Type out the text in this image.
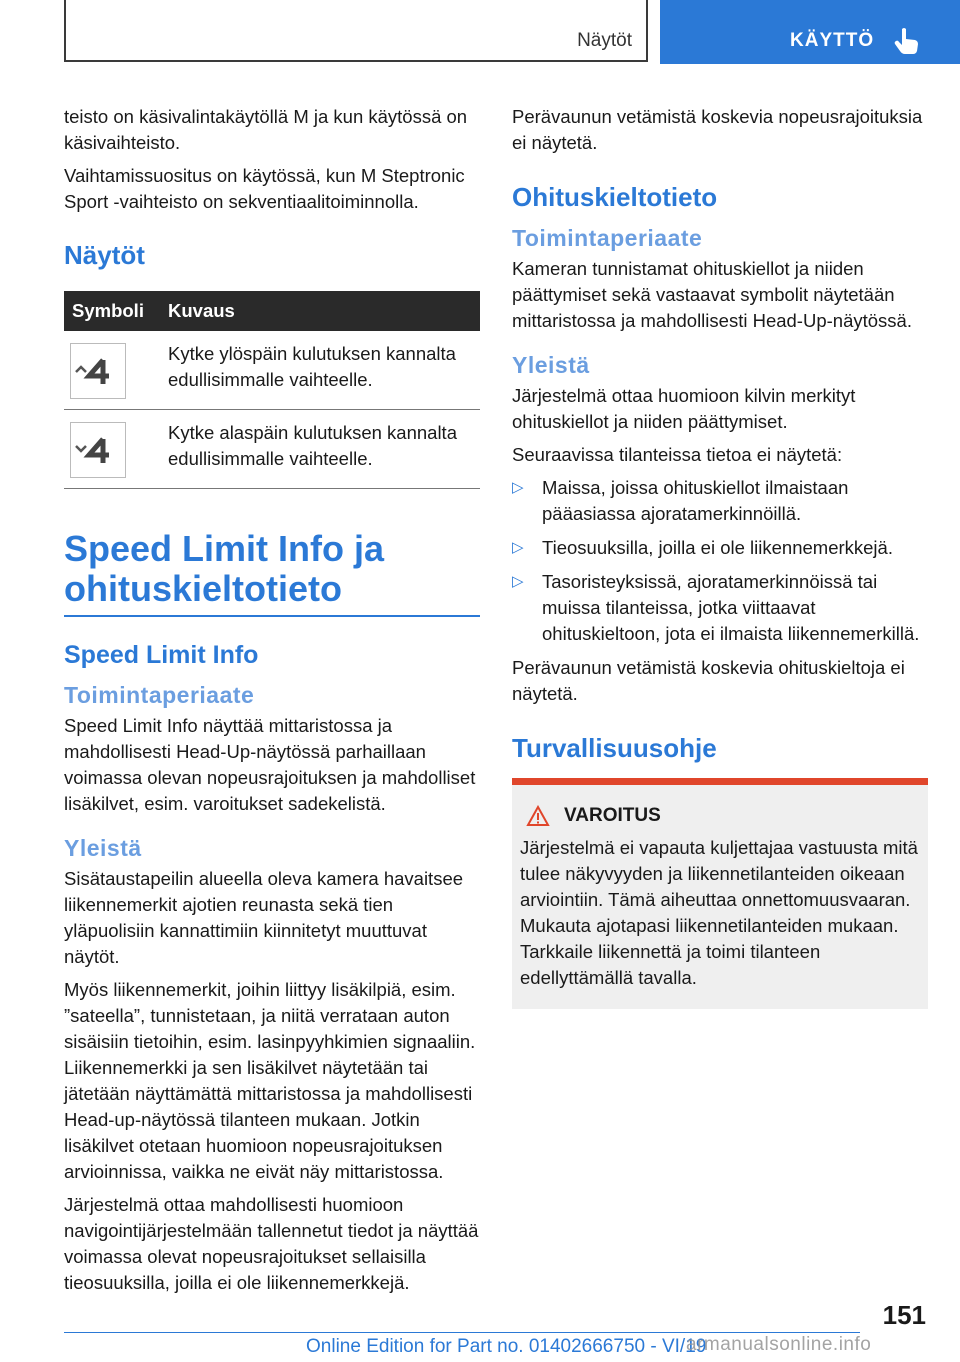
Näytöt	KÄYTTÖ

teisto on käsivalintakäytöllä M ja kun käytössä on käsivaihteisto.

Vaihtamissuositus on käytössä, kun M Steptronic Sport ‑vaihteisto on sekventiaalitoiminnolla.

Näytöt
Symboli	Kuvaus

	Kytke ylöspäin kulutuksen kannalta edullisimmalle vaihteelle.

	Kytke alaspäin kulutuksen kannalta edullisimmalle vaihteelle.
Speed Limit Info ja ohituskieltotieto
Speed Limit Info
Toimintaperiaate

Speed Limit Info näyttää mittaristossa ja mahdollisesti Head‑Up‑näytössä parhaillaan voimassa olevan nopeusrajoituksen ja mahdolliset lisäkilvet, esim. varoitukset sadekelistä.

Yleistä

Sisätaustapeilin alueella oleva kamera havaitsee liikennemerkit ajotien reunasta sekä tien yläpuolisiin kannattimiin kiinnitetyt muuttuvat näytöt.

Myös liikennemerkit, joihin liittyy lisäkilpiä, esim. ”sateella”, tunnistetaan, ja niitä verrataan auton sisäisiin tietoihin, esim. lasinpyyhkimien signaaliin. Liikennemerkki ja sen lisäkilvet näytetään tai jätetään näyttämättä mittaristossa ja mahdollisesti Head‑up‑näytössä tilanteen mukaan. Jotkin lisäkilvet otetaan huomioon nopeusrajoituksen arvioinnissa, vaikka ne eivät näy mittaristossa.

Järjestelmä ottaa mahdollisesti huomioon navigointijärjestelmään tallennetut tiedot ja näyttää voimassa olevat nopeusrajoitukset sellaisilla tieosuuksilla, joilla ei ole liikennemerkkejä.

Perävaunun vetämistä koskevia nopeusrajoituksia ei näytetä.

Ohituskieltotieto
Toimintaperiaate

Kameran tunnistamat ohituskiellot ja niiden päättymiset sekä vastaavat symbolit näytetään mittaristossa ja mahdollisesti Head‑Up‑näytössä.

Yleistä

Järjestelmä ottaa huomioon kilvin merkityt ohituskiellot ja niiden päättymiset.

Seuraavissa tilanteissa tietoa ei näytetä:

▷ Maissa, joissa ohituskiellot ilmaistaan pääasiassa ajoratamerkinnöillä.
▷ Tieosuuksilla, joilla ei ole liikennemerkkejä.
▷ Tasoristeyksissä, ajoratamerkinnöissä tai muissa tilanteissa, jotka viittaavat ohituskieltoon, jota ei ilmaista liikennemerkillä.

Perävaunun vetämistä koskevia ohituskieltoja ei näytetä.

Turvallisuusohje
VAROITUS

Järjestelmä ei vapauta kuljettajaa vastuusta mitä tulee näkyvyyden ja liikennetilanteiden oikeaan arviointiin. Tämä aiheuttaa onnettomuusvaaran. Mukauta ajotapasi liikennetilanteiden mukaan. Tarkkaile liikennettä ja toimi tilanteen edellyttämällä tavalla.

151
Online Edition for Part no. 01402666750 - VI/19
armanualsonline.info
